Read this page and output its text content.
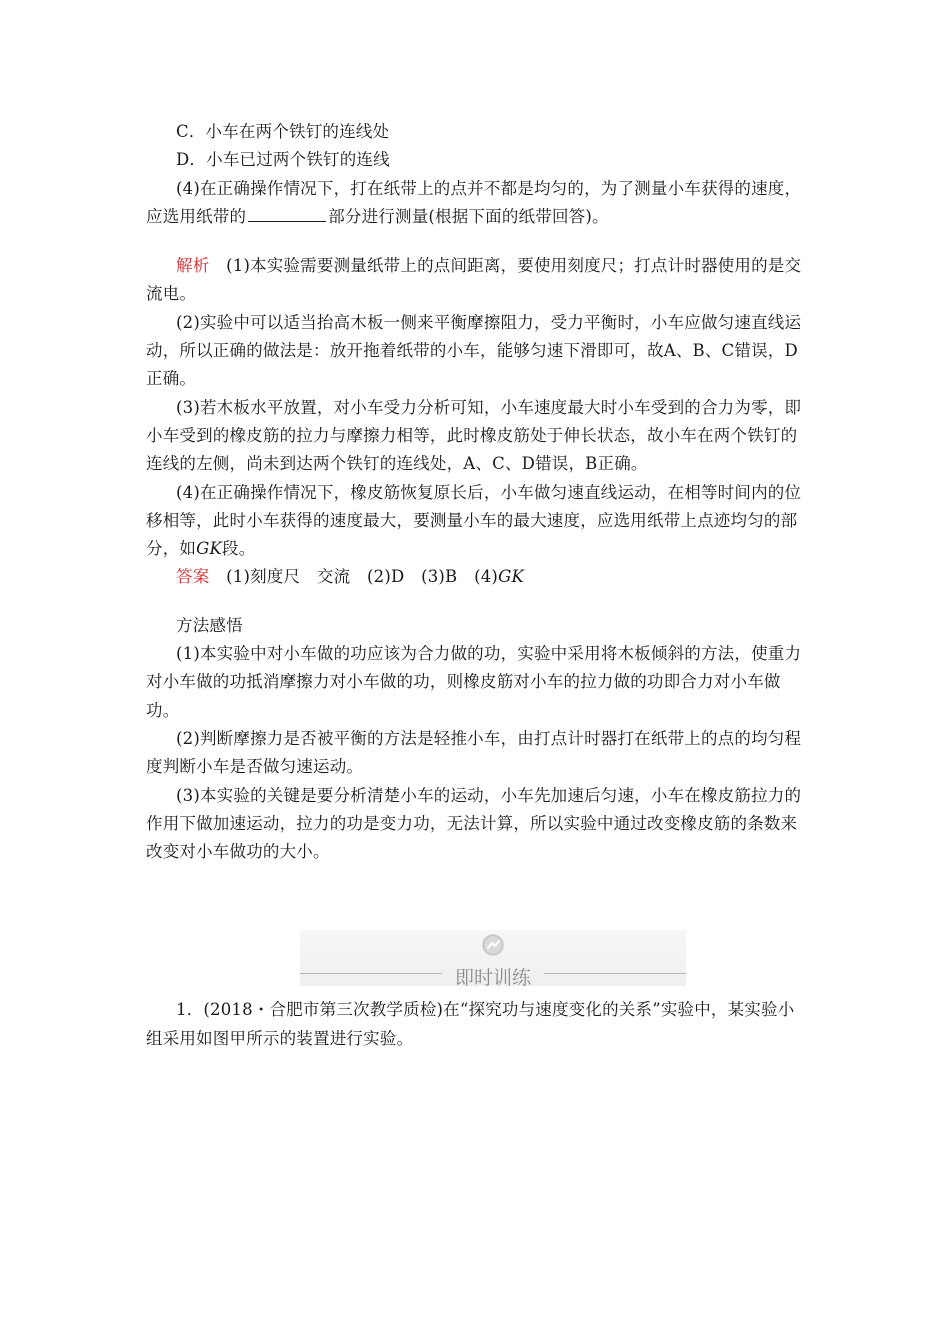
C．小车在两个铁钉的连线处
D．小车已过两个铁钉的连线
(4)在正确操作情况下，打在纸带上的点并不都是均匀的，为了测量小车获得的速度，
应选用纸带的	部分进行测量(根据下面的纸带回答)。
解析　 (1)本实验需要测量纸带上的点间距离，要使用刻度尺；打点计时器使用的是交
流电。
(2)实验中可以适当抬高木板一侧来平衡摩擦阻力，受力平衡时，小车应做匀速直线运
动，所以正确的做法是：放开拖着纸带的小车，能够匀速下滑即可，故A、B、C错误，D
正确。
(3)若木板水平放置，对小车受力分析可知，小车速度最大时小车受到的合力为零，即
小车受到的橡皮筋的拉力与摩擦力相等，此时橡皮筋处于伸长状态，故小车在两个铁钉的
连线的左侧，尚未到达两个铁钉的连线处，A、C、D错误，B正确。
(4)在正确操作情况下，橡皮筋恢复原长后，小车做匀速直线运动，在相等时间内的位
移相等，此时小车获得的速度最大，要测量小车的最大速度，应选用纸带上点迹均匀的部
分，如GK段。
答案　 (1)刻度尺　交流　(2)D　(3)B　(4)GK
方法感悟
(1)本实验中对小车做的功应该为合力做的功，实验中采用将木板倾斜的方法，使重力
对小车做的功抵消摩擦力对小车做的功，则橡皮筋对小车的拉力做的功即合力对小车做
功。
(2)判断摩擦力是否被平衡的方法是轻推小车，由打点计时器打在纸带上的点的均匀程
度判断小车是否做匀速运动。
(3)本实验的关键是要分析清楚小车的运动，小车先加速后匀速，小车在橡皮筋拉力的
作用下做加速运动，拉力的功是变力功，无法计算，所以实验中通过改变橡皮筋的条数来
改变对小车做功的大小。
即时训练
1．(2018・合肥市第三次教学质检)在“探究功与速度变化的关系”实验中，某实验小
组采用如图甲所示的装置进行实验。
